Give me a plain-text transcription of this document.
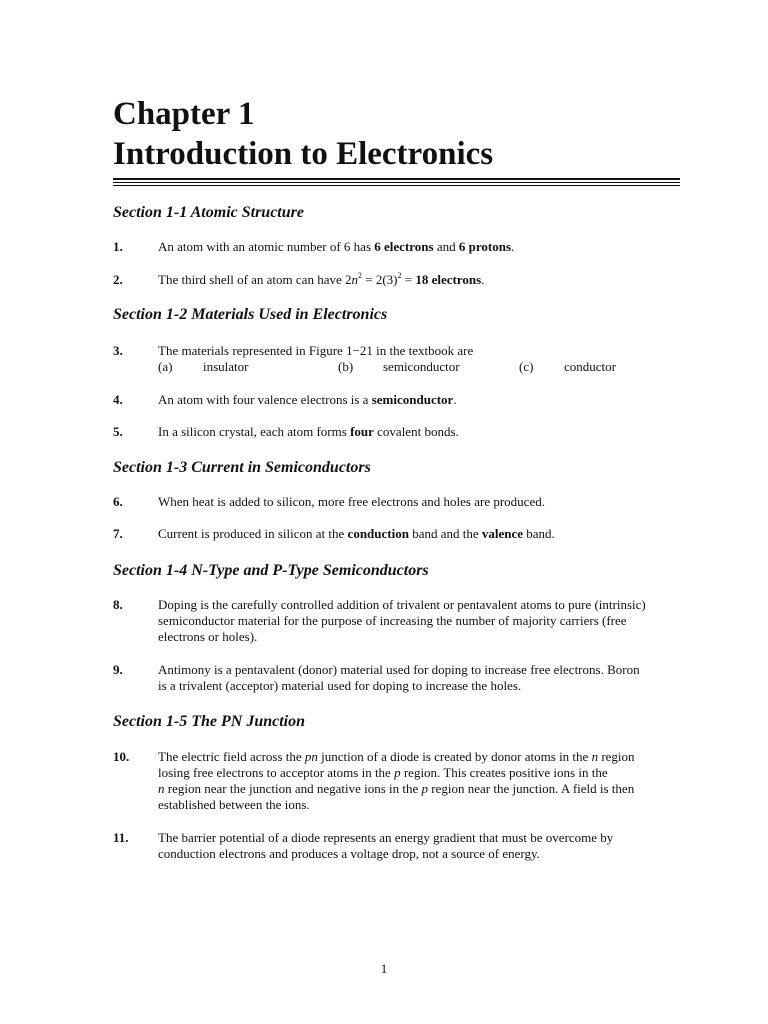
Chapter 1
Introduction to Electronics
Section 1-1 Atomic Structure
1.	An atom with an atomic number of 6 has 6 electrons and 6 protons.
2.	The third shell of an atom can have $2n^2 = 2(3)^2 = 18$ electrons.
Section 1-2 Materials Used in Electronics
3.	The materials represented in Figure 1−21 in the textbook are
(a) insulator	(b) semiconductor	(c) conductor
4.	An atom with four valence electrons is a semiconductor.
5.	In a silicon crystal, each atom forms four covalent bonds.
Section 1-3 Current in Semiconductors
6.	When heat is added to silicon, more free electrons and holes are produced.
7.	Current is produced in silicon at the conduction band and the valence band.
Section 1-4 N-Type and P-Type Semiconductors
8.	Doping is the carefully controlled addition of trivalent or pentavalent atoms to pure (intrinsic)
semiconductor material for the purpose of increasing the number of majority carriers (free
electrons or holes).
9.	Antimony is a pentavalent (donor) material used for doping to increase free electrons. Boron
is a trivalent (acceptor) material used for doping to increase the holes.
Section 1-5 The PN Junction
10. The electric field across the pn junction of a diode is created by donor atoms in the n region
losing free electrons to acceptor atoms in the p region. This creates positive ions in the
n region near the junction and negative ions in the p region near the junction. A field is then
established between the ions.
11. The barrier potential of a diode represents an energy gradient that must be overcome by
conduction electrons and produces a voltage drop, not a source of energy.
1
